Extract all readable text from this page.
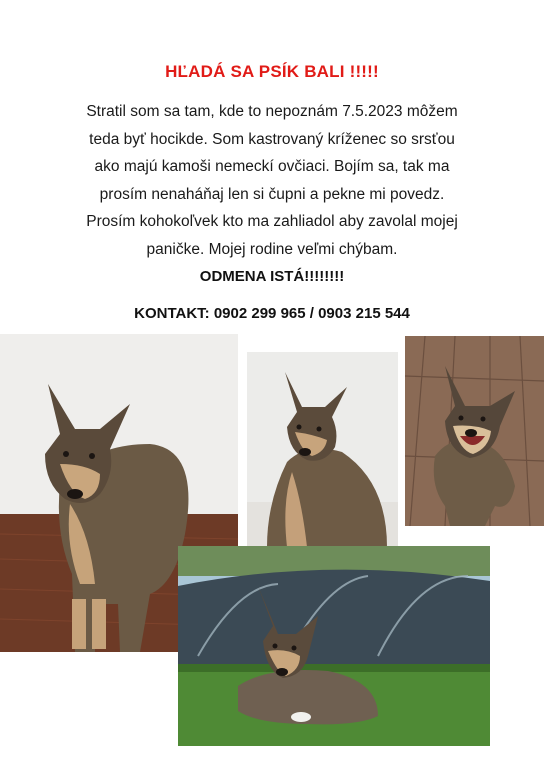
HĽADÁ SA PSÍK BALI !!!!!
Stratil som sa tam, kde to nepoznám 7.5.2023 môžem
teda byť hocikde. Som kastrovaný kríženec so srsťou
ako majú kamoši nemeckí ovčiaci. Bojím sa, tak ma
prosím nenaháňaj len si čupni a pekne mi povedz.
Prosím kohokoľvek kto ma zahliadol aby zavolal mojej
paničke. Mojej rodine veľmi chýbam.
ODMENA ISTÁ!!!!!!!!
KONTAKT: 0902 299 965 / 0903 215 544
